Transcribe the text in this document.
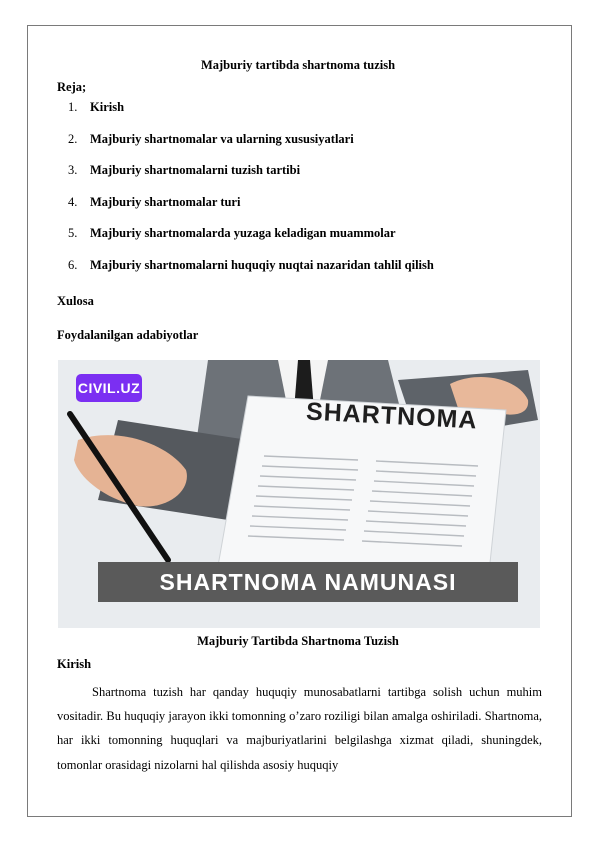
Majburiy tartibda shartnoma tuzish
Reja;
1. Kirish
2. Majburiy shartnomalar va ularning xususiyatlari
3. Majburiy shartnomalarni tuzish tartibi
4. Majburiy shartnomalar turi
5. Majburiy shartnomalarda yuzaga keladigan muammolar
6. Majburiy shartnomalarni huquqiy nuqtai nazaridan tahlil qilish
Xulosa
Foydalanilgan adabiyotlar
CIVIL.UZ
SHARTNOMA
SHARTNOMA NAMUNASI
Majburiy Tartibda Shartnoma Tuzish
Kirish

Shartnoma tuzish har qanday huquqiy munosabatlarni tartibga solish uchun muhim vositadir. Bu huquqiy jarayon ikki tomonning o’zaro roziligi bilan amalga oshiriladi. Shartnoma, har ikki tomonning huquqlari va majburiyatlarini belgilashga xizmat qiladi, shuningdek, tomonlar orasidagi nizolarni hal qilishda asosiy huquqiy
